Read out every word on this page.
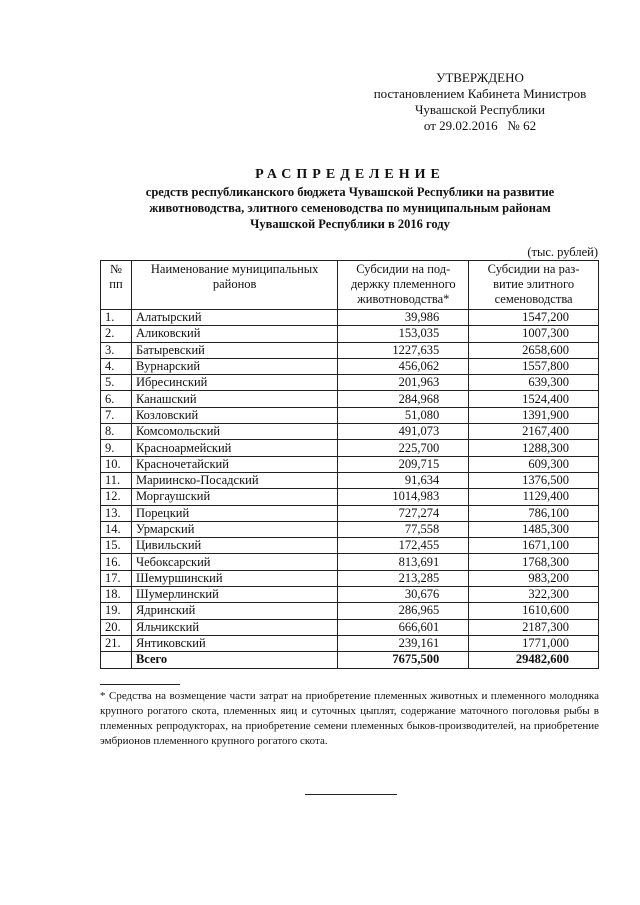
УТВЕРЖДЕНО
постановлением Кабинета Министров
Чувашской Республики
от 29.02.2016   № 62
РАСПРЕДЕЛЕНИЕ
средств республиканского бюджета Чувашской Республики на развитие
животноводства, элитного семеноводства по муниципальным районам
Чувашской Республики в 2016 году
(тыс. рублей)
№ пп	Наименование муниципальных районов	Субсидии на под-держку племенного животноводства*	Субсидии на раз-витие элитного семеноводства
1.	Алатырский	39,986	1547,200
2.	Аликовский	153,035	1007,300
3.	Батыревский	1227,635	2658,600
4.	Вурнарский	456,062	1557,800
5.	Ибресинский	201,963	639,300
6.	Канашский	284,968	1524,400
7.	Козловский	51,080	1391,900
8.	Комсомольский	491,073	2167,400
9.	Красноармейский	225,700	1288,300
10.	Красночетайский	209,715	609,300
11.	Мариинско-Посадский	91,634	1376,500
12.	Моргаушский	1014,983	1129,400
13.	Порецкий	727,274	786,100
14.	Урмарский	77,558	1485,300
15.	Цивильский	172,455	1671,100
16.	Чебоксарский	813,691	1768,300
17.	Шемуршинский	213,285	983,200
18.	Шумерлинский	30,676	322,300
19.	Ядринский	286,965	1610,600
20.	Яльчикский	666,601	2187,300
21.	Янтиковский	239,161	1771,000
	Всего	7675,500	29482,600
* Средства на возмещение части затрат на приобретение племенных животных и племенного молодняка крупного рогатого скота, племенных яиц и суточных цыплят, содержание маточного поголовья рыбы в племенных репродукторах, на приобретение семени племенных быков-производителей, на приобретение эмбрионов племенного крупного рогатого скота.
